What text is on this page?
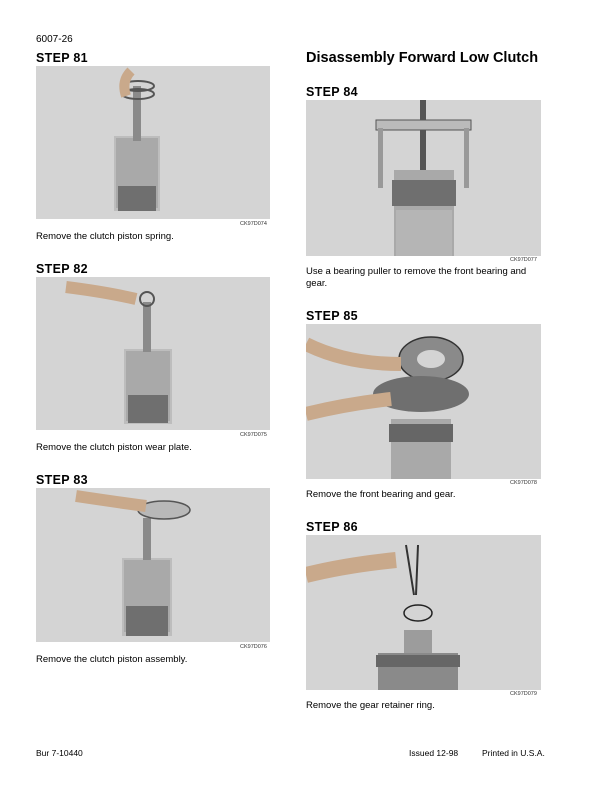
6007-26
STEP 81
CK97D074
Remove the clutch piston spring.
STEP 82
CK97D075
Remove the clutch piston wear plate.
STEP 83
CK97D076
Remove the clutch piston assembly.
Disassembly Forward Low Clutch
STEP 84
CK97D077
Use a bearing puller to remove the front bearing and gear.
STEP 85
CK97D078
Remove the front bearing and gear.
STEP 86
CK97D079
Remove the gear retainer ring.
Bur 7-10440	Issued 12-98	Printed in U.S.A.
